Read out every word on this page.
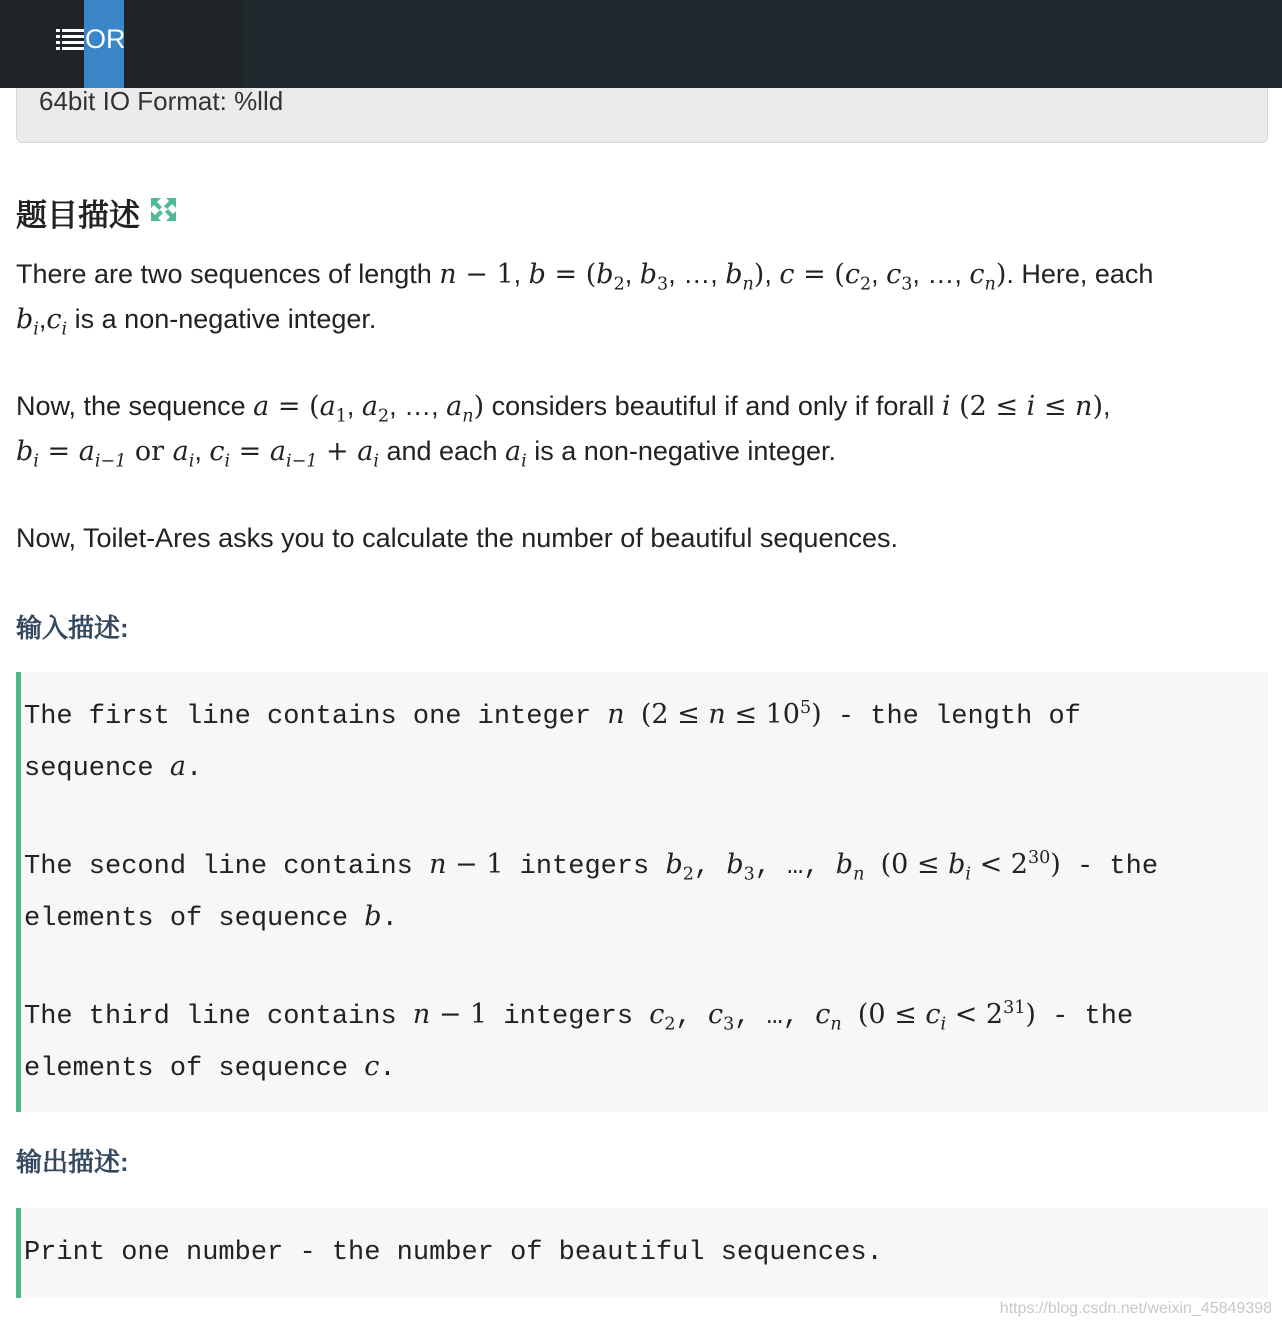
OR
64bit IO Format: %lld
题目描述
There are two sequences of length n − 1, $b = (b_2$, $b_3$, …, $b_n$), $c = (c_2$, $c_3$, …, $c_n$). Here, each
$b_i,c_i$ is a non-negative integer.
Now, the sequence $a = (a_1$, $a_2$, …, $a_n$) considers beautiful if and only if forall i (2 ≤ i ≤ n),
$b_i = a_{i-1}$ or $a_i$, $c_i = a_{i-1} + a_i$ and each $a_i$ is a non-negative integer.
Now, Toilet-Ares asks you to calculate the number of beautiful sequences.
输入描述:
The first line contains one integer n $(2 \le n \le 10^5)$ - the length of
sequence a.
The second line contains n − 1 integers $b_2$, $b_3$, …, $b_n$ $(0 \le b_i < 2^{30})$ - the
elements of sequence b.
The third line contains n − 1 integers $c_2$, $c_3$, …, $c_n$ $(0 \le c_i < 2^{31})$ - the
elements of sequence c.
输出描述:
Print one number - the number of beautiful sequences.
https://blog.csdn.net/weixin_45849398
